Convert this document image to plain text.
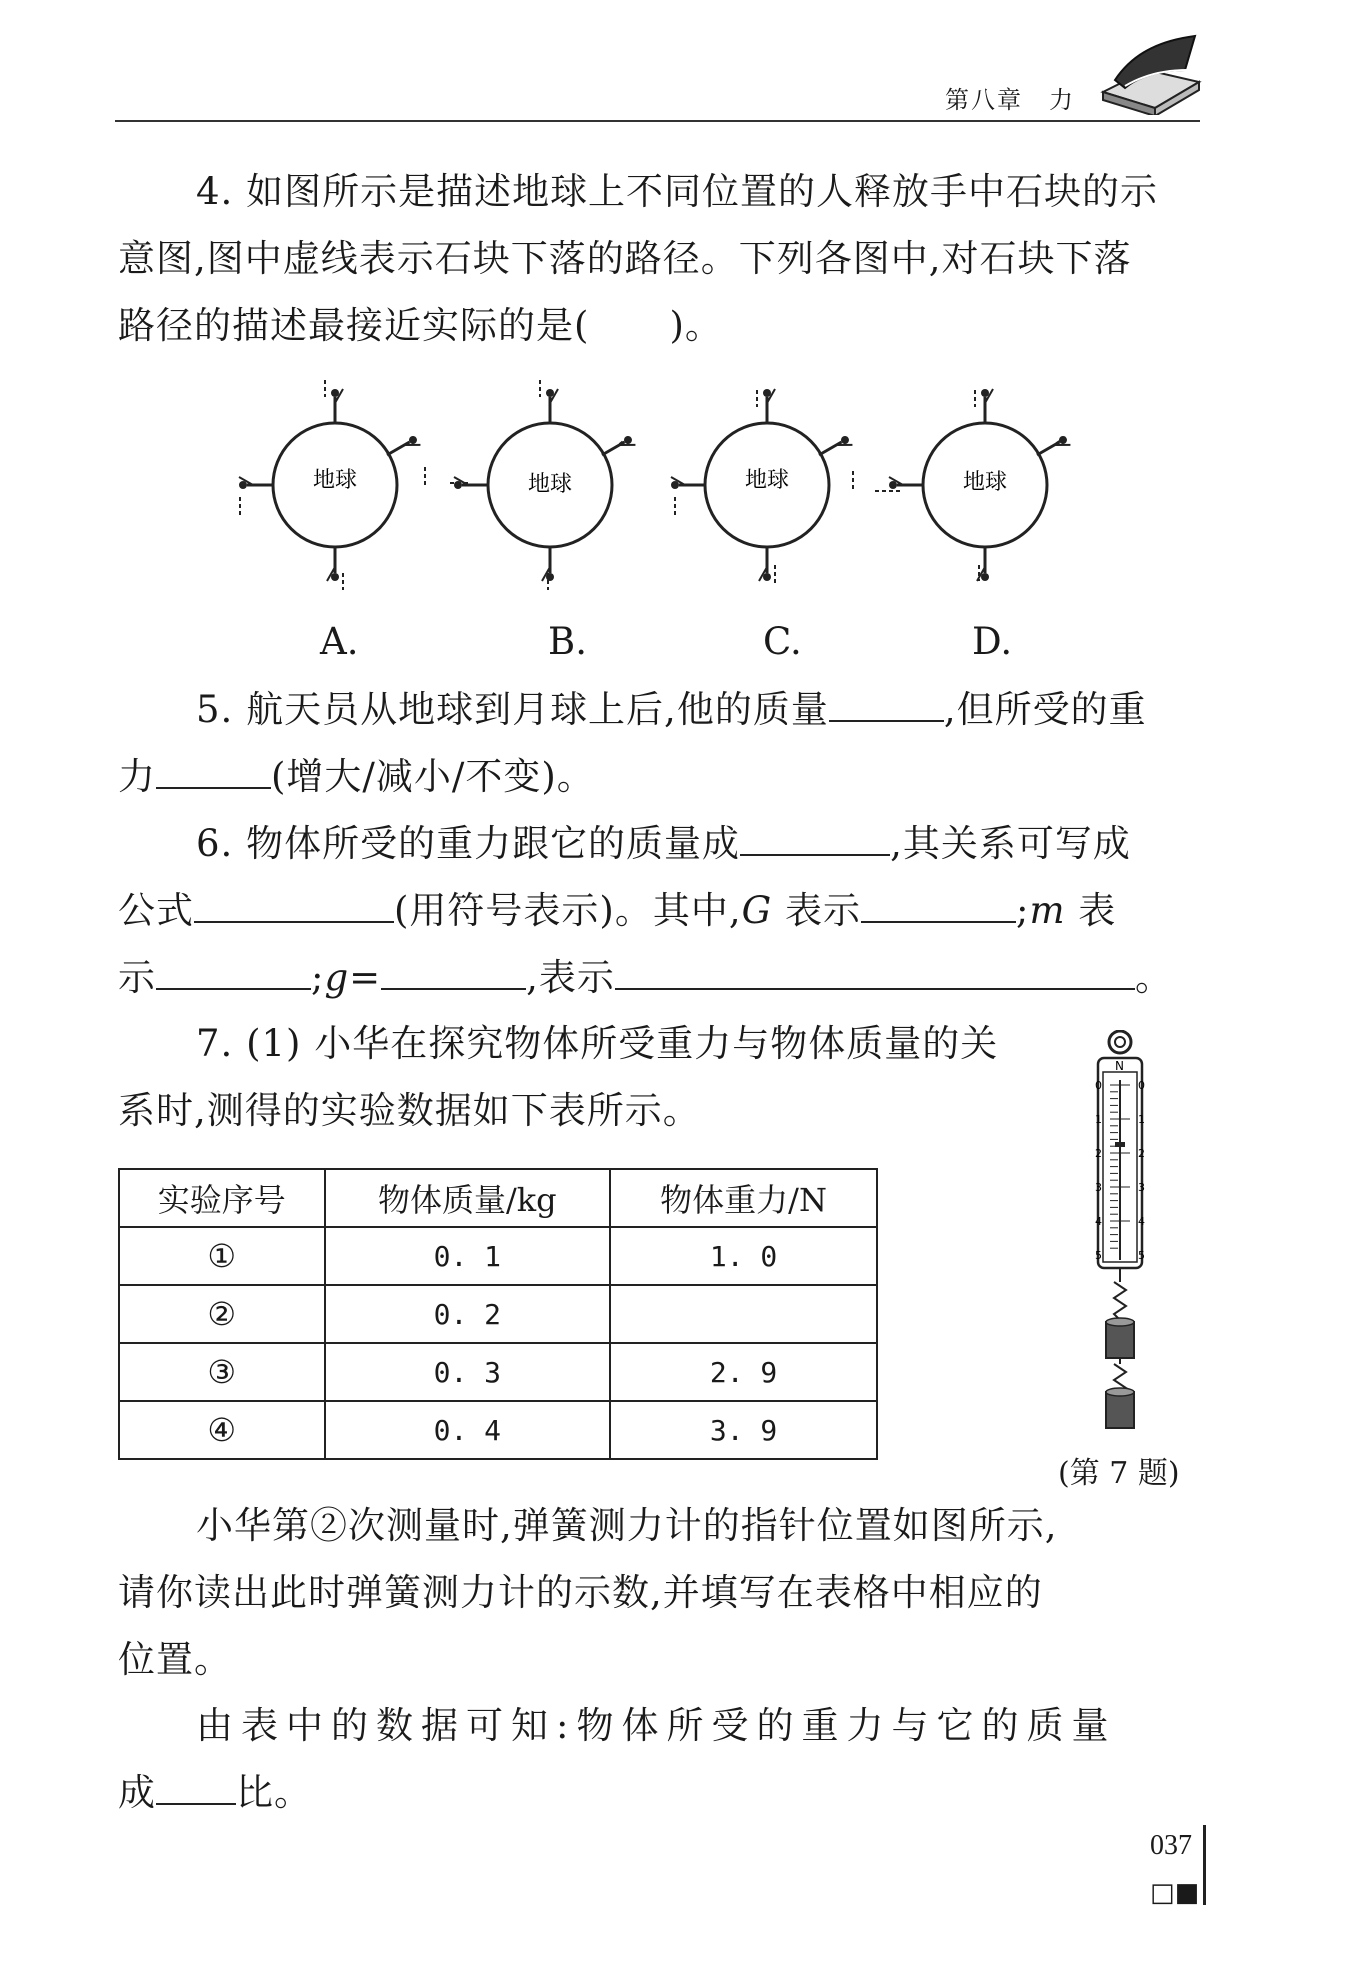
第八章　力
4. 如图所示是描述地球上不同位置的人释放手中石块的示
意图,图中虚线表示石块下落的路径。下列各图中,对石块下落
路径的描述最接近实际的是( )。
地球	地球	地球	地球
A.	B.	C.	D.
5. 航天员从地球到月球上后,他的质量	,但所受的重
力	(增大/减小/不变)。
6. 物体所受的重力跟它的质量成	,其关系可写成
公式	(用符号表示)。其中,G 表示	;m 表
示	;g=	,表示	。
7. (1) 小华在探究物体所受重力与物体质量的关
系时,测得的实验数据如下表所示。
实验序号	物体质量/kg	物体重力/N
①	0. 1	1. 0
②	0. 2	
③	0. 3	2. 9
④	0. 4	3. 9
N
0	0
1	1
2	2
3	3
4	4
5	5
(第 7 题)
小华第②次测量时,弹簧测力计的指针位置如图所示,
请你读出此时弹簧测力计的示数,并填写在表格中相应的
位置。
由表中的数据可知:物体所受的重力与它的质量
成 比。
037
□■
